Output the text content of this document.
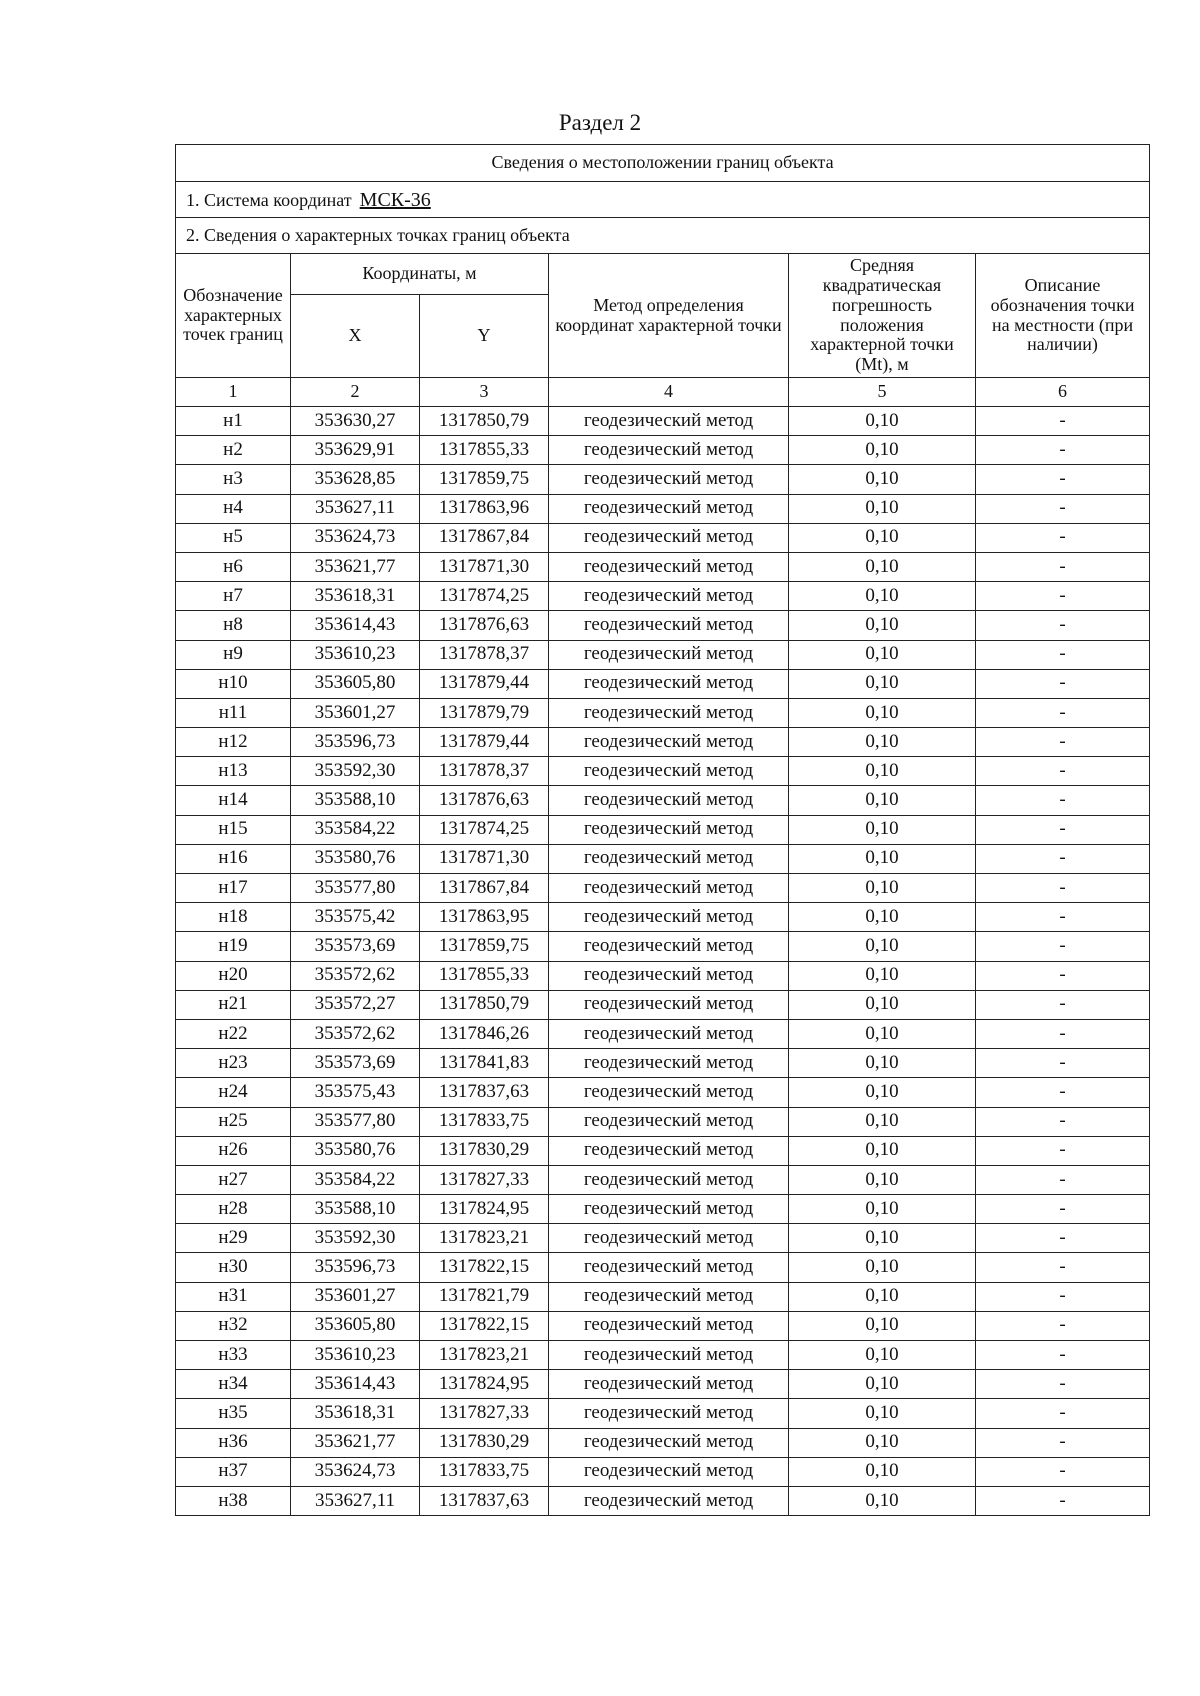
Раздел 2
Сведения о местоположении границ объекта					
1. Система координат МСК-36					
2. Сведения о характерных точках границ объекта					
Обозначение характерных точек границ	Координаты, м		Метод определения координат характерной точки	Средняя квадратическая погрешность положения характерной точки (Mt), м	Описание обозначения точки на местности (при наличии)
	X	Y			
1	2	3	4	5	6
н1	353630,27	1317850,79	геодезический метод	0,10	-
н2	353629,91	1317855,33	геодезический метод	0,10	-
н3	353628,85	1317859,75	геодезический метод	0,10	-
н4	353627,11	1317863,96	геодезический метод	0,10	-
н5	353624,73	1317867,84	геодезический метод	0,10	-
н6	353621,77	1317871,30	геодезический метод	0,10	-
н7	353618,31	1317874,25	геодезический метод	0,10	-
н8	353614,43	1317876,63	геодезический метод	0,10	-
н9	353610,23	1317878,37	геодезический метод	0,10	-
н10	353605,80	1317879,44	геодезический метод	0,10	-
н11	353601,27	1317879,79	геодезический метод	0,10	-
н12	353596,73	1317879,44	геодезический метод	0,10	-
н13	353592,30	1317878,37	геодезический метод	0,10	-
н14	353588,10	1317876,63	геодезический метод	0,10	-
н15	353584,22	1317874,25	геодезический метод	0,10	-
н16	353580,76	1317871,30	геодезический метод	0,10	-
н17	353577,80	1317867,84	геодезический метод	0,10	-
н18	353575,42	1317863,95	геодезический метод	0,10	-
н19	353573,69	1317859,75	геодезический метод	0,10	-
н20	353572,62	1317855,33	геодезический метод	0,10	-
н21	353572,27	1317850,79	геодезический метод	0,10	-
н22	353572,62	1317846,26	геодезический метод	0,10	-
н23	353573,69	1317841,83	геодезический метод	0,10	-
н24	353575,43	1317837,63	геодезический метод	0,10	-
н25	353577,80	1317833,75	геодезический метод	0,10	-
н26	353580,76	1317830,29	геодезический метод	0,10	-
н27	353584,22	1317827,33	геодезический метод	0,10	-
н28	353588,10	1317824,95	геодезический метод	0,10	-
н29	353592,30	1317823,21	геодезический метод	0,10	-
н30	353596,73	1317822,15	геодезический метод	0,10	-
н31	353601,27	1317821,79	геодезический метод	0,10	-
н32	353605,80	1317822,15	геодезический метод	0,10	-
н33	353610,23	1317823,21	геодезический метод	0,10	-
н34	353614,43	1317824,95	геодезический метод	0,10	-
н35	353618,31	1317827,33	геодезический метод	0,10	-
н36	353621,77	1317830,29	геодезический метод	0,10	-
н37	353624,73	1317833,75	геодезический метод	0,10	-
н38	353627,11	1317837,63	геодезический метод	0,10	-
